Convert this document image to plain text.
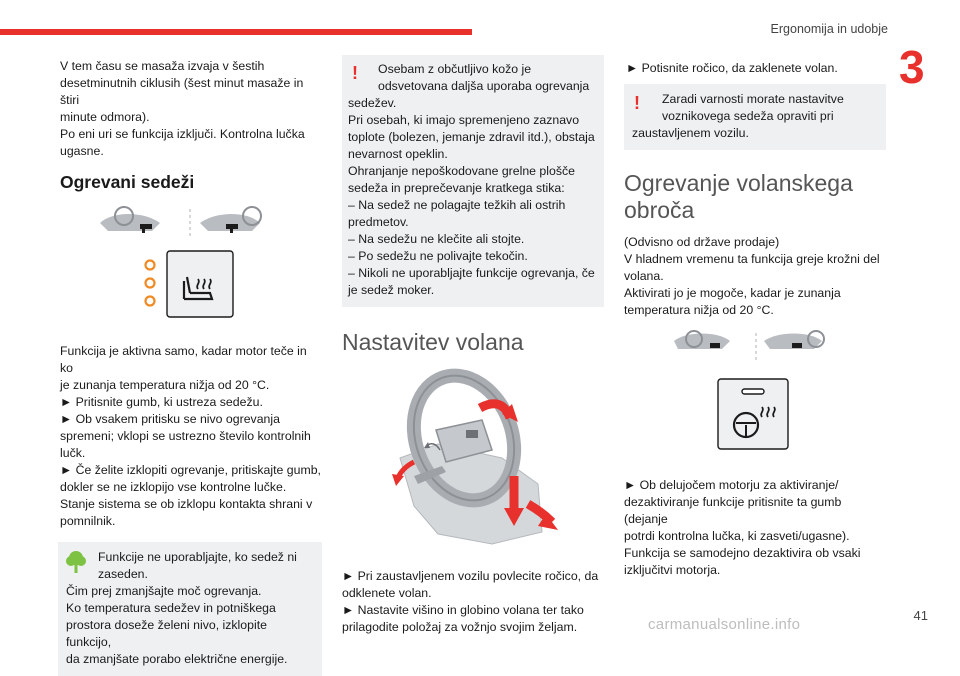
Ergonomija in udobje
3

V tem času se masaža izvaja v šestih

desetminutnih ciklusih (šest minut masaže in štiri

minute odmora).

Po eni uri se funkcija izključi. Kontrolna lučka

ugasne.

Ogrevani sedeži

Funkcija je aktivna samo, kadar motor teče in ko

je zunanja temperatura nižja od 20 °C.

► Pritisnite gumb, ki ustreza sedežu.

► Ob vsakem pritisku se nivo ogrevanja

spremeni; vklopi se ustrezno število kontrolnih

lučk.

► Če želite izklopiti ogrevanje, pritiskajte gumb,

dokler se ne izklopijo vse kontrolne lučke.

Stanje sistema se ob izklopu kontakta shrani v

pomnilnik.

Funkcije ne uporabljajte, ko sedež ni

zaseden.

Čim prej zmanjšajte moč ogrevanja.

Ko temperatura sedežev in potniškega

prostora doseže želeni nivo, izklopite funkcijo,

da zmanjšate porabo električne energije.

! Osebam z občutljivo kožo je

odsvetovana daljša uporaba ogrevanja

sedežev.

Pri osebah, ki imajo spremenjeno zaznavo

toplote (bolezen, jemanje zdravil itd.), obstaja

nevarnost opeklin.

Ohranjanje nepoškodovane grelne plošče

sedeža in preprečevanje kratkega stika:

– Na sedež ne polagajte težkih ali ostrih

predmetov.

– Na sedežu ne klečite ali stojte.

– Po sedežu ne polivajte tekočin.

– Nikoli ne uporabljajte funkcije ogrevanja, če

je sedež moker.

Nastavitev volana

► Pri zaustavljenem vozilu povlecite ročico, da

odklenete volan.

► Nastavite višino in globino volana ter tako

prilagodite položaj za vožnjo svojim željam.

► Potisnite ročico, da zaklenete volan.

! Zaradi varnosti morate nastavitve

voznikovega sedeža opraviti pri

zaustavljenem vozilu.

Ogrevanje volanskega
obroča

(Odvisno od države prodaje)

V hladnem vremenu ta funkcija greje krožni del

volana.

Aktivirati jo je mogoče, kadar je zunanja

temperatura nižja od 20 °C.

► Ob delujočem motorju za aktiviranje/

dezaktiviranje funkcije pritisnite ta gumb (dejanje

potrdi kontrolna lučka, ki zasveti/ugasne).

Funkcija se samodejno dezaktivira ob vsaki

izključitvi motorja.

carmanualsonline.info
41
